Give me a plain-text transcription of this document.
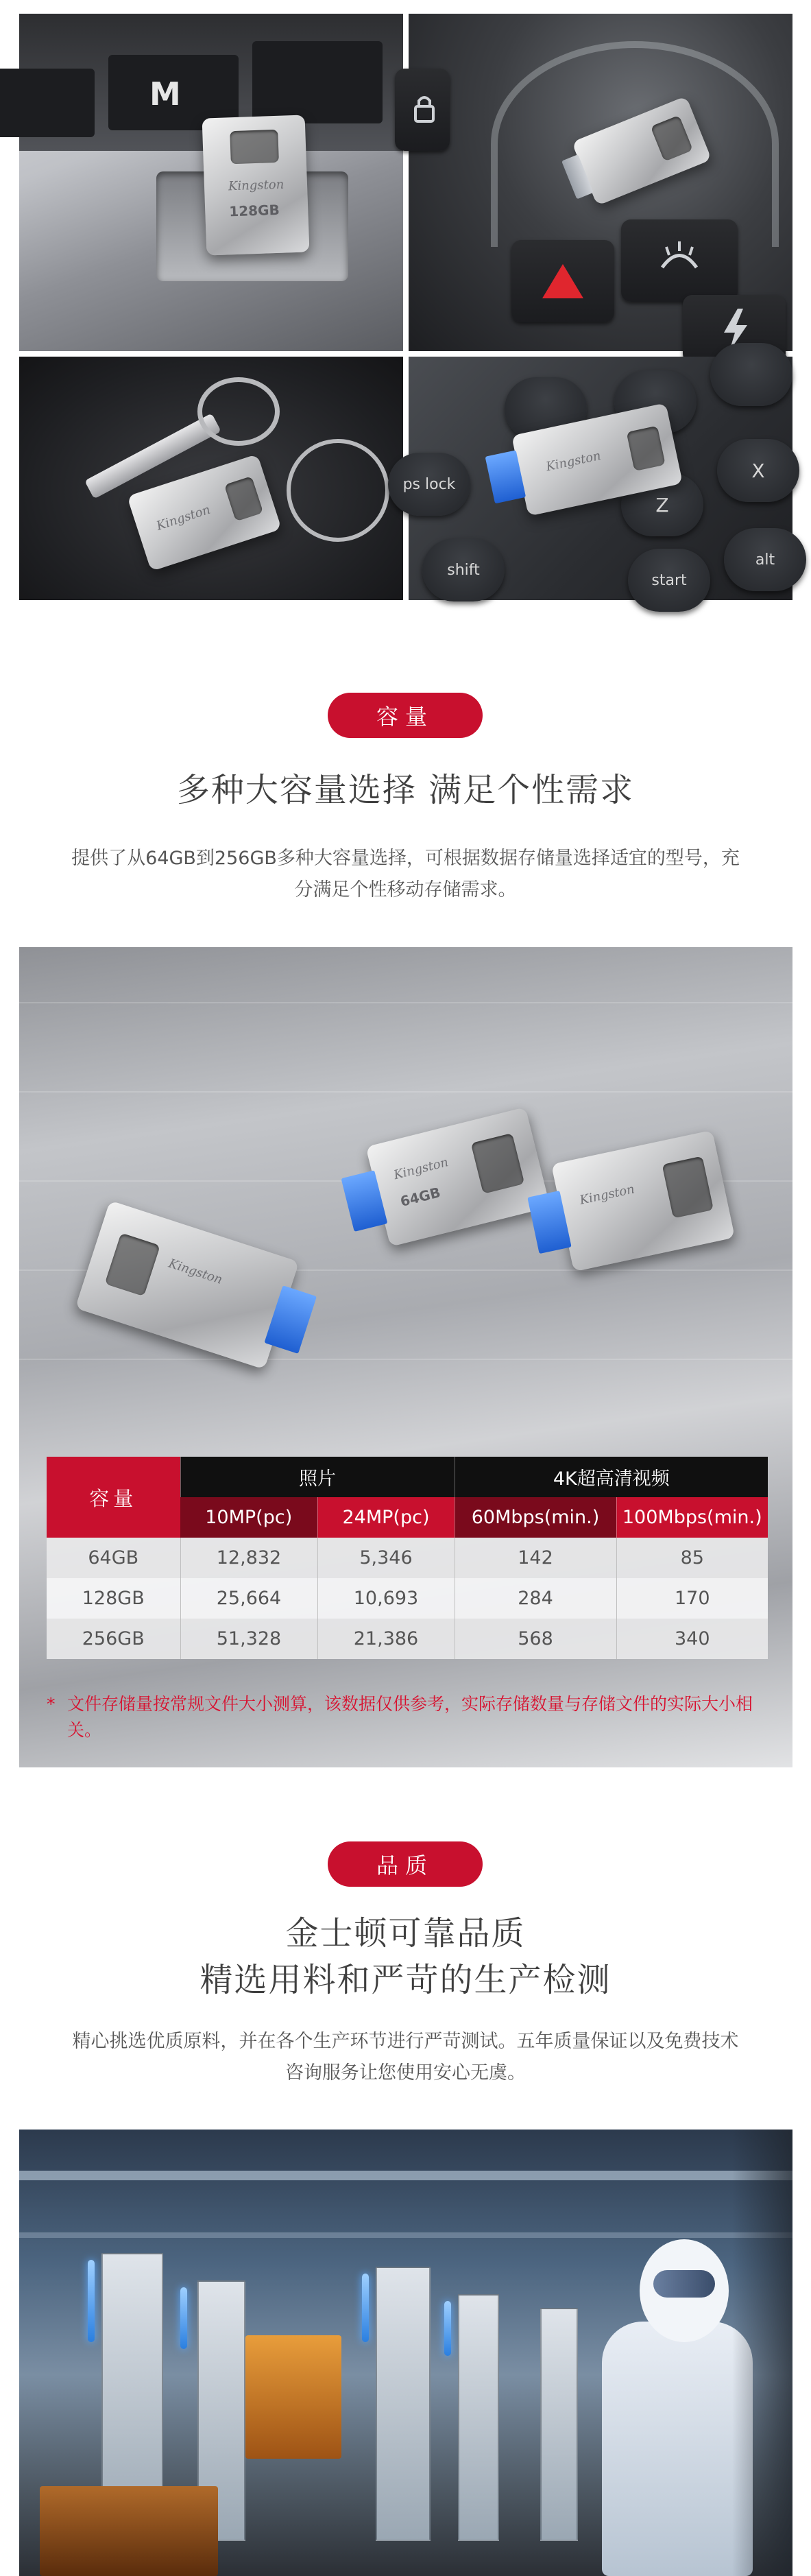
M
Kingston
128GB
Kingston
ps lock
Z
X
shift
start
alt
Kingston
容量
多种大容量选择 满足个性需求
提供了从64GB到256GB多种大容量选择，可根据数据存储量选择适宜的型号，充分满足个性移动存储需求。
Kingston
Kingston
64GB	Kingston
容量	照片		4K超高清视频	
	10MP(pc)	24MP(pc)	60Mbps(min.)	100Mbps(min.)
64GB	12,832	5,346	142	85
128GB	25,664	10,693	284	170
256GB	51,328	21,386	568	340
* 文件存储量按常规文件大小测算，该数据仅供参考，实际存储数量与存储文件的实际大小相关。
品质
金士顿可靠品质
精选用料和严苛的生产检测
精心挑选优质原料，并在各个生产环节进行严苛测试。五年质量保证以及免费技术咨询服务让您使用安心无虞。
